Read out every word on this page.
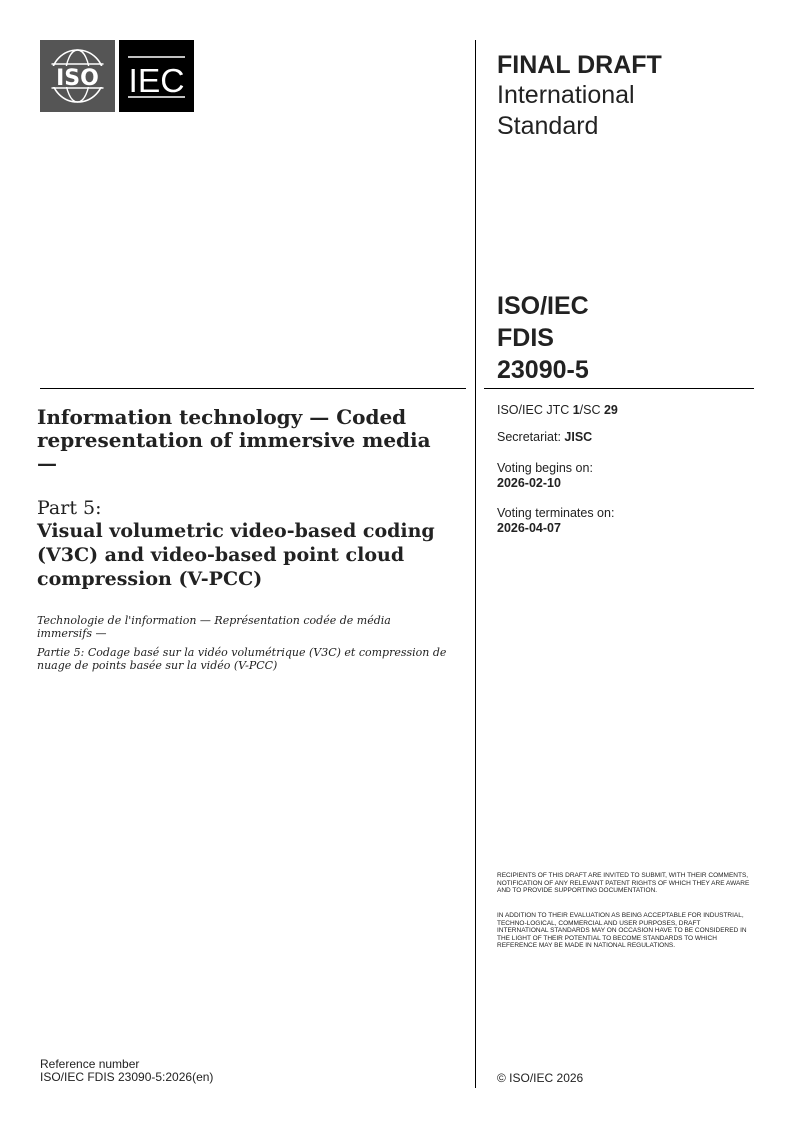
ISO IEC	FINAL DRAFT
International
Standard
ISO/IEC
FDIS
23090-5
ISO/IEC JTC 1/SC 29
Secretariat: JISC
Voting begins on:
2026-02-10
Voting terminates on:
2026-04-07
Information technology — Coded representation of immersive media —
Part 5:
Visual volumetric video-based coding (V3C) and video-based point cloud compression (V-PCC)
Technologie de l'information — Représentation codée de média immersifs —
Partie 5: Codage basé sur la vidéo volumétrique (V3C) et compression de nuage de points basée sur la vidéo (V-PCC)
RECIPIENTS OF THIS DRAFT ARE INVITED TO SUBMIT, WITH THEIR COMMENTS, NOTIFICATION OF ANY RELEVANT PATENT RIGHTS OF WHICH THEY ARE AWARE AND TO PROVIDE SUPPORTING DOCUMENTATION.
IN ADDITION TO THEIR EVALUATION AS BEING ACCEPTABLE FOR INDUSTRIAL, TECHNO-LOGICAL, COMMERCIAL AND USER PURPOSES, DRAFT INTERNATIONAL STANDARDS MAY ON OCCASION HAVE TO BE CONSIDERED IN THE LIGHT OF THEIR POTENTIAL TO BECOME STANDARDS TO WHICH REFERENCE MAY BE MADE IN NATIONAL REGULATIONS.
Reference number
ISO/IEC FDIS 23090-5:2026(en)	© ISO/IEC 2026
